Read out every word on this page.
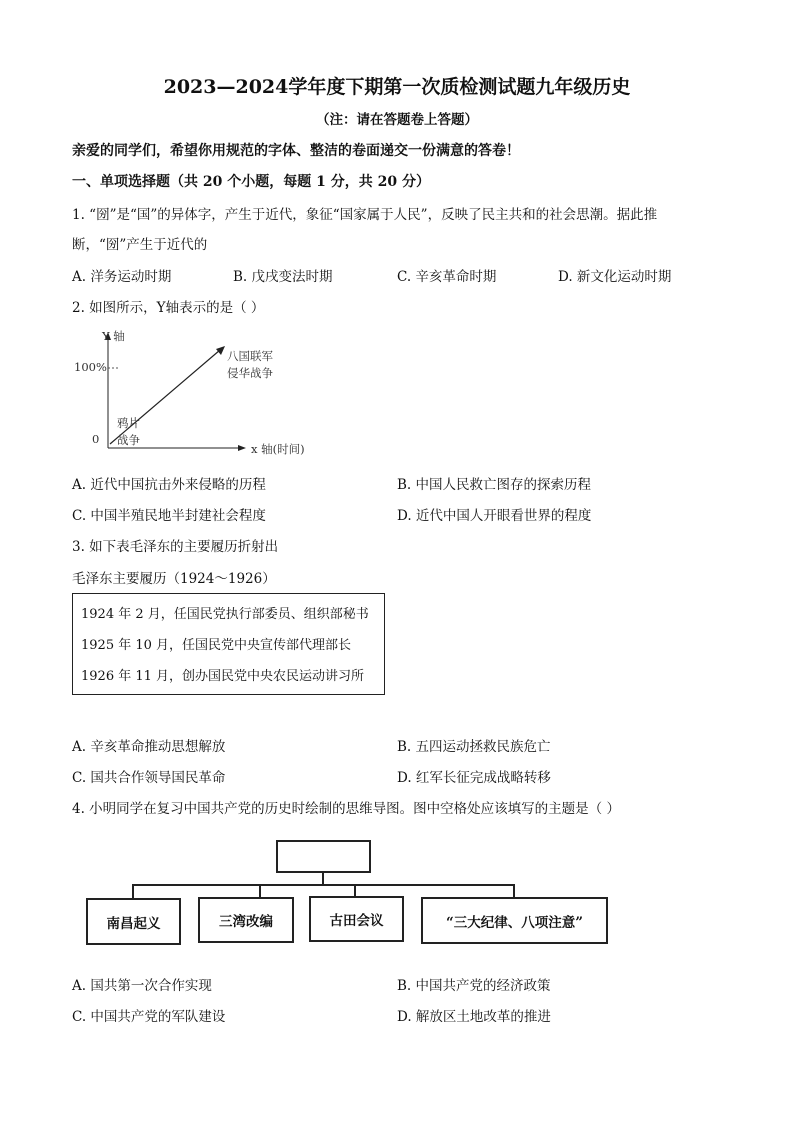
2023—2024学年度下期第一次质检测试题九年级历史
（注：请在答题卷上答题）
亲爱的同学们，希望你用规范的字体、整洁的卷面递交一份满意的答卷！
一、单项选择题（共 20 个小题，每题 1 分，共 20 分）
1. “圀”是“国”的异体字，产生于近代，象征“国家属于人民”，反映了民主共和的社会思潮。据此推
断，“圀”产生于近代的
A. 洋务运动时期	B. 戊戌变法时期	C. 辛亥革命时期	D. 新文化运动时期
2. 如图所示，Y轴表示的是（ ）
Y 轴
100%
0
鸦片
战争
八国联军
侵华战争
x 轴(时间)
A. 近代中国抗击外来侵略的历程	B. 中国人民救亡图存的探索历程
C. 中国半殖民地半封建社会程度	D. 近代中国人开眼看世界的程度
3. 如下表毛泽东的主要履历折射出
毛泽东主要履历（1924～1926）
1924 年 2 月，任国民党执行部委员、组织部秘书
1925 年 10 月，任国民党中央宣传部代理部长
1926 年 11 月，创办国民党中央农民运动讲习所
A. 辛亥革命推动思想解放	B. 五四运动拯救民族危亡
C. 国共合作领导国民革命	D. 红军长征完成战略转移
4. 小明同学在复习中国共产党的历史时绘制的思维导图。图中空格处应该填写的主题是（ ）
南昌起义	三湾改编	古田会议	“三大纪律、八项注意”
A. 国共第一次合作实现	B. 中国共产党的经济政策
C. 中国共产党的军队建设	D. 解放区土地改革的推进
